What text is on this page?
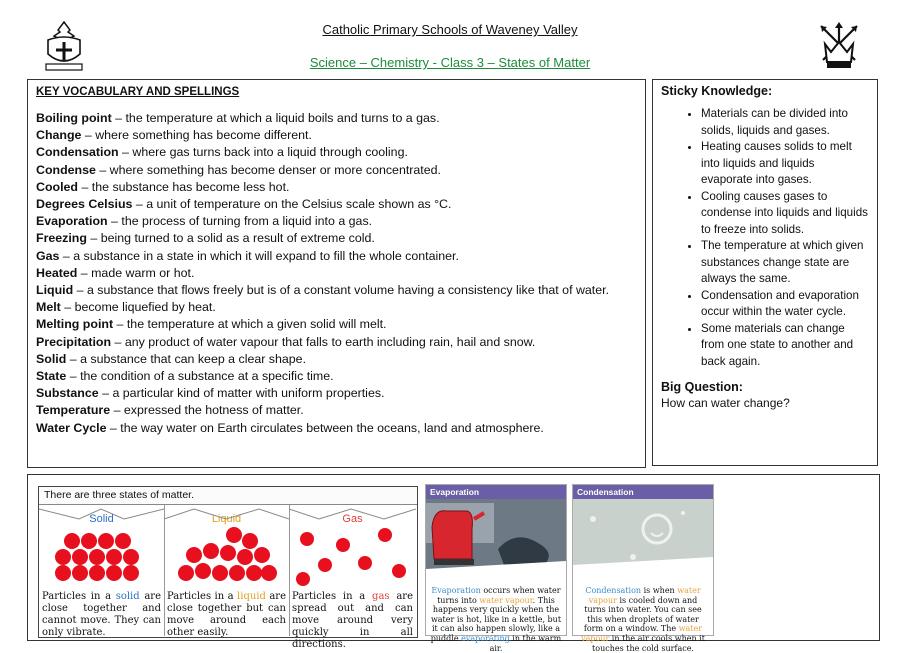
Catholic Primary Schools of Waveney Valley
Science – Chemistry - Class 3 – States of Matter
KEY VOCABULARY AND SPELLINGS
Boiling point – the temperature at which a liquid boils and turns to a gas.
Change – where something has become different.
Condensation – where gas turns back into a liquid through cooling.
Condense – where something has become denser or more concentrated.
Cooled – the substance has become less hot.
Degrees Celsius – a unit of temperature on the Celsius scale shown as °C.
Evaporation – the process of turning from a liquid into a gas.
Freezing – being turned to a solid as a result of extreme cold.
Gas – a substance in a state in which it will expand to fill the whole container.
Heated – made warm or hot.
Liquid – a substance that flows freely but is of a constant volume having a consistency like that of water.
Melt – become liquefied by heat.
Melting point – the temperature at which a given solid will melt.
Precipitation – any product of water vapour that falls to earth including rain, hail and snow.
Solid – a substance that can keep a clear shape.
State – the condition of a substance at a specific time.
Substance – a particular kind of matter with uniform properties.
Temperature – expressed the hotness of matter.
Water Cycle – the way water on Earth circulates between the oceans, land and atmosphere.
Sticky Knowledge:
• Materials can be divided into solids, liquids and gases.
• Heating causes solids to melt into liquids and liquids evaporate into gases.
• Cooling causes gases to condense into liquids and liquids to freeze into solids.
• The temperature at which given substances change state are always the same.
• Condensation and evaporation occur within the water cycle.
• Some materials can change from one state to another and back again.
Big Question:
How can water change?
There are three states of matter.
Solid
Particles in a solid are close together and cannot move. They can only vibrate.
Liquid
Particles in a liquid are close together but can move around each other easily.
Gas
Particles in a gas are spread out and can move around very quickly in all directions.
Evaporation
Evaporation occurs when water turns into water vapour. This happens very quickly when the water is hot, like in a kettle, but it can also happen slowly, like a puddle evaporating in the warm air.
Condensation
Condensation is when water vapour is cooled down and turns into water. You can see this when droplets of water form on a window. The water vapour in the air cools when it touches the cold surface.
